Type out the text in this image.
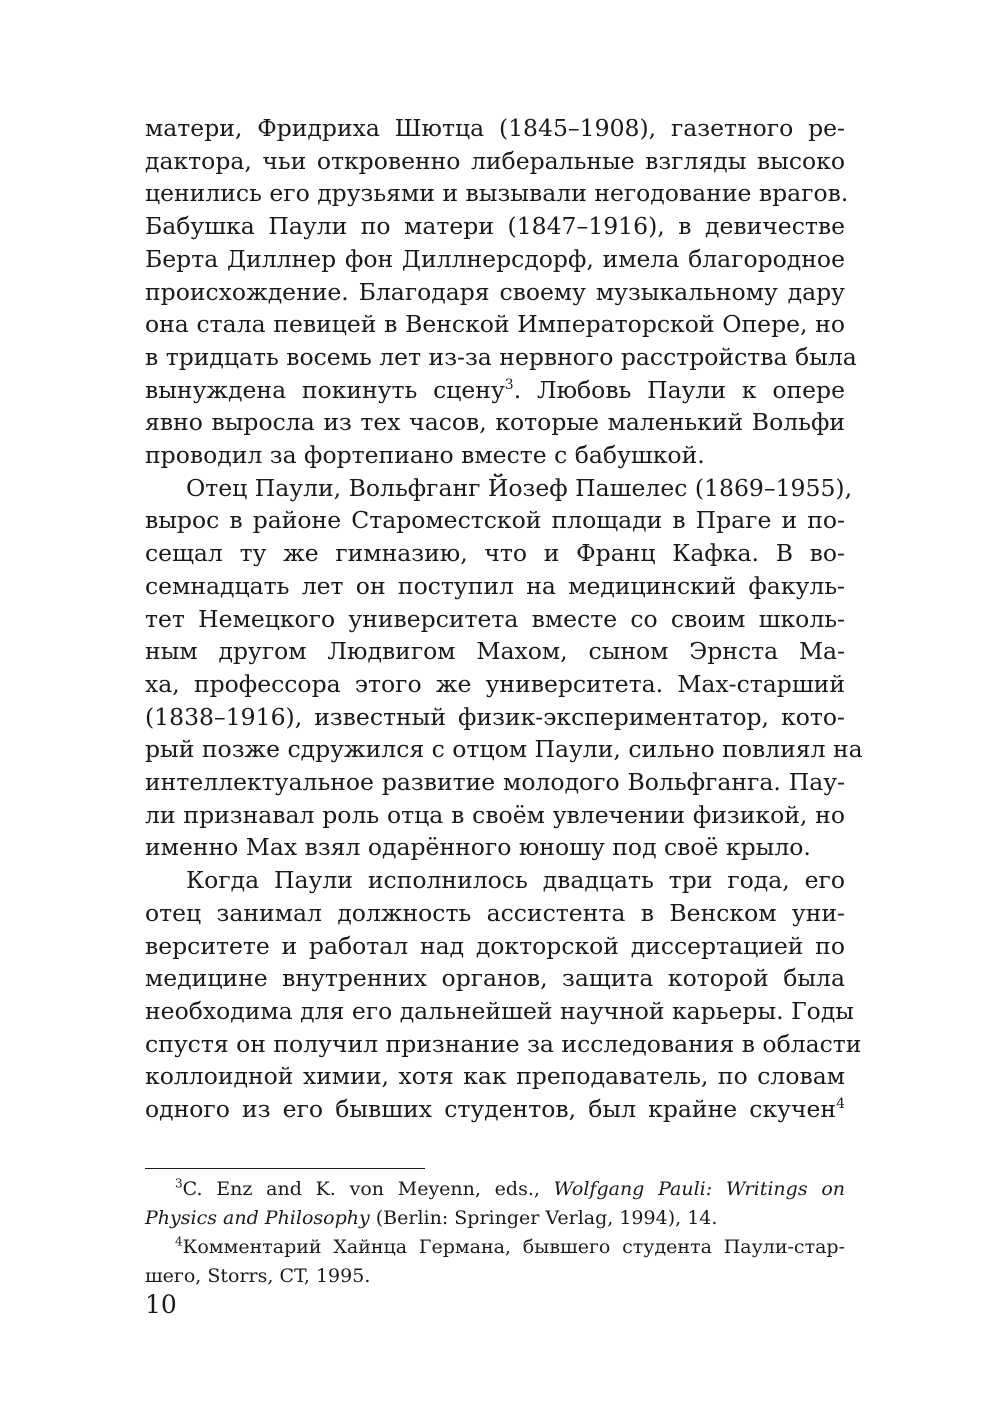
матери, Фридриха Шютца (1845–1908), газетного ре-
дактора, чьи откровенно либеральные взгляды высоко
ценились его друзьями и вызывали негодование врагов.
Бабушка Паули по матери (1847–1916), в девичестве
Берта Диллнер фон Диллнерсдорф, имела благородное
происхождение. Благодаря своему музыкальному дару
она стала певицей в Венской Императорской Опере, но
в тридцать восемь лет из-за нервного расстройства была
вынуждена покинуть сцену$^3$. Любовь Паули к опере
явно выросла из тех часов, которые маленький Вольфи
проводил за фортепиано вместе с бабушкой.
Отец Паули, Вольфганг Йозеф Пашелес (1869–1955),
вырос в районе Староместской площади в Праге и по-
сещал ту же гимназию, что и Франц Кафка. В во-
семнадцать лет он поступил на медицинский факуль-
тет Немецкого университета вместе со своим школь-
ным другом Людвигом Махом, сыном Эрнста Ма-
ха, профессора этого же университета. Мах-старший
(1838–1916), известный физик-экспериментатор, кото-
рый позже сдружился с отцом Паули, сильно повлиял на
интеллектуальное развитие молодого Вольфганга. Пау-
ли признавал роль отца в своём увлечении физикой, но
именно Мах взял одарённого юношу под своё крыло.
Когда Паули исполнилось двадцать три года, его
отец занимал должность ассистента в Венском уни-
верситете и работал над докторской диссертацией по
медицине внутренних органов, защита которой была
необходима для его дальнейшей научной карьеры. Годы
спустя он получил признание за исследования в области
коллоидной химии, хотя как преподаватель, по словам
одного из его бывших студентов, был крайне скучен$^4$
$^3$C. Enz and K. von Meyenn, eds., Wolfgang Pauli: Writings on
Physics and Philosophy (Berlin: Springer Verlag, 1994), 14.
$^4$Комментарий Хайнца Германа, бывшего студента Паули-стар-
шего, Storrs, CT, 1995.
10
